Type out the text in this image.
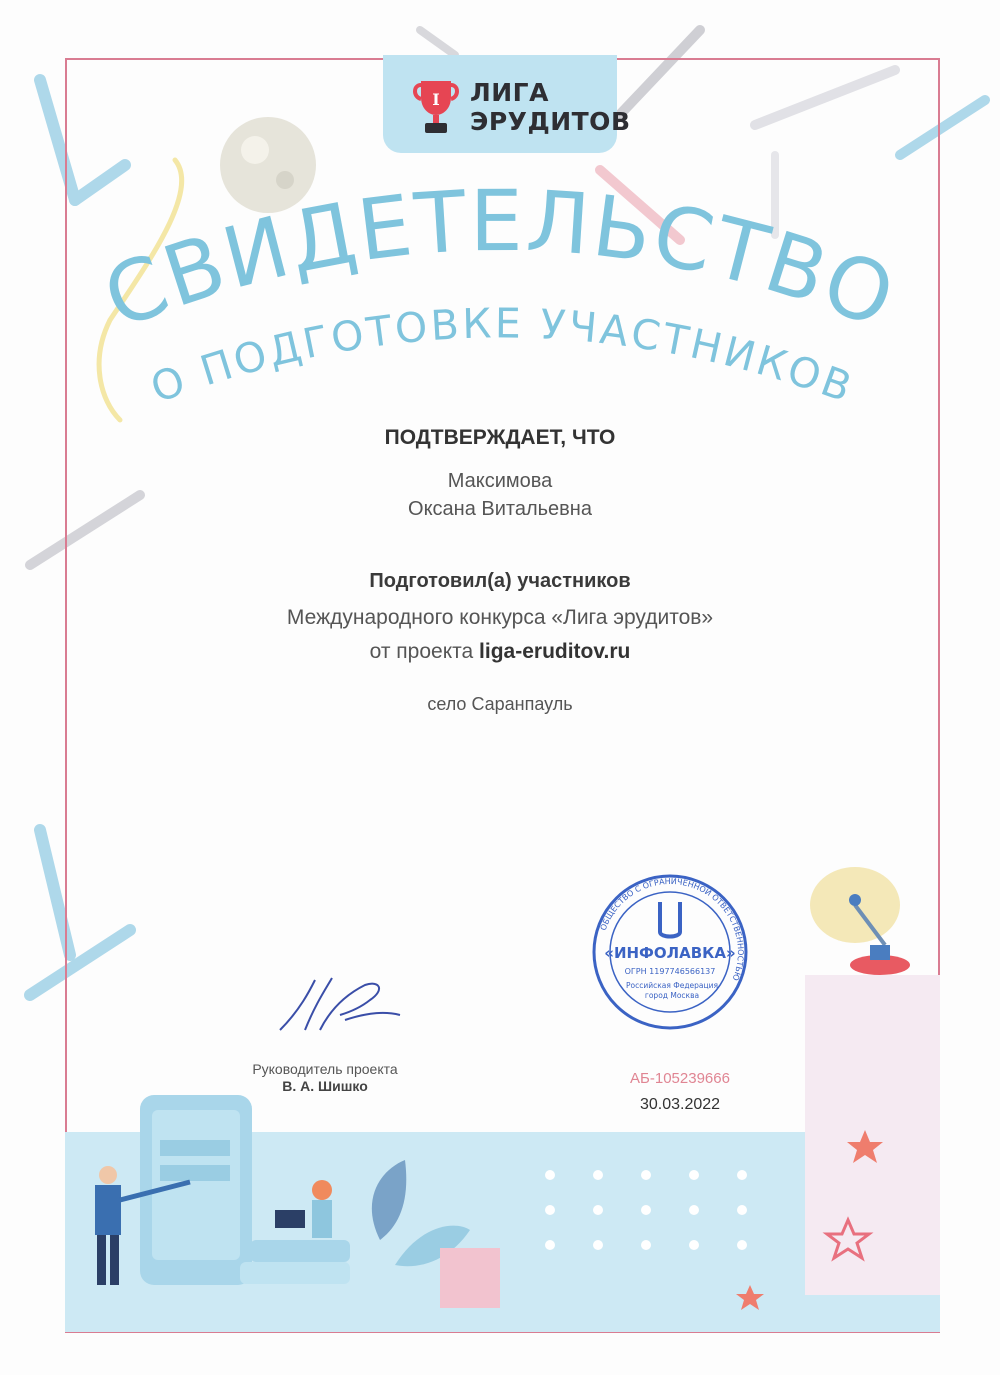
I ЛИГА
ЭРУДИТОВ
СВИДЕТЕЛЬСТВО
О ПОДГОТОВКЕ УЧАСТНИКОВ
ПОДТВЕРЖДАЕТ, ЧТО
Максимова
Оксана Витальевна
Подготовил(а) участников
Международного конкурса «Лига эрудитов»
от проекта liga-eruditov.ru
село Саранпауль
Руководитель проекта
В. А. Шишко
ОБЩЕСТВО С ОГРАНИЧЕННОЙ ОТВЕТСТВЕННОСТЬЮ
«ИНФОЛАВКА»
ОГРН 1197746566137
Российская Федерация
город Москва
АБ-105239666
30.03.2022
